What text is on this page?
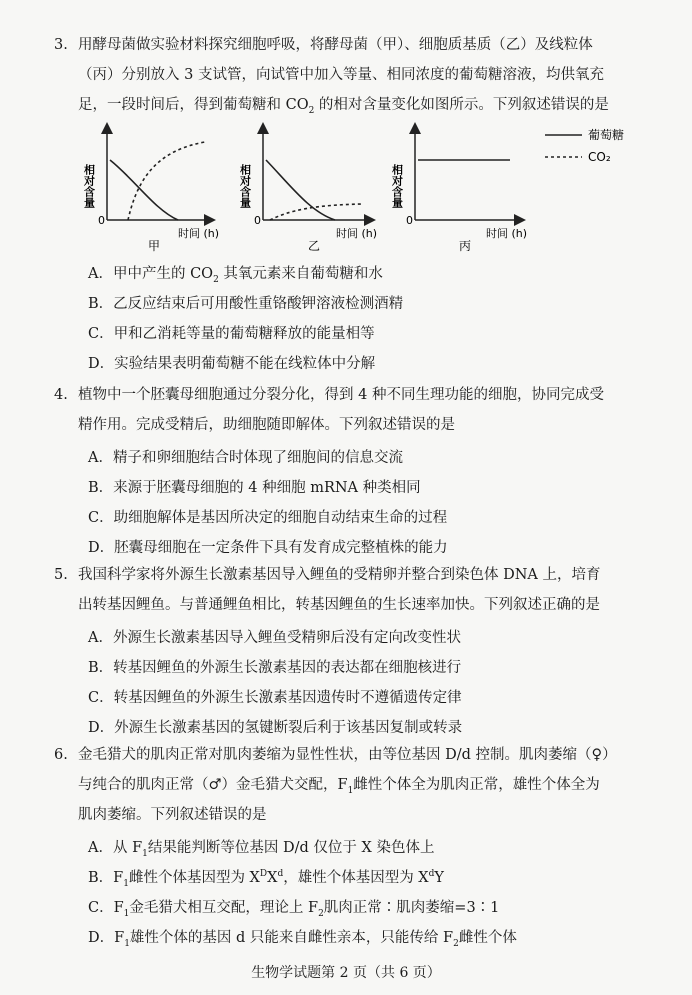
3. 用酵母菌做实验材料探究细胞呼吸，将酵母菌（甲）、细胞质基质（乙）及线粒体
（丙）分别放入 3 支试管，向试管中加入等量、相同浓度的葡萄糖溶液，均供氧充
足，一段时间后，得到葡萄糖和 $CO_2$ 的相对含量变化如图所示。下列叙述错误的是
相对含量
0
时间 (h)
甲
相对含量
0
时间 (h)
乙
相对含量
0
时间 (h)
丙
葡萄糖
CO₂
A．甲中产生的 $CO_2$ 其氧元素来自葡萄糖和水
B．乙反应结束后可用酸性重铬酸钾溶液检测酒精
C．甲和乙消耗等量的葡萄糖释放的能量相等
D．实验结果表明葡萄糖不能在线粒体中分解
4. 植物中一个胚囊母细胞通过分裂分化，得到 4 种不同生理功能的细胞，协同完成受
精作用。完成受精后，助细胞随即解体。下列叙述错误的是
A．精子和卵细胞结合时体现了细胞间的信息交流
B．来源于胚囊母细胞的 4 种细胞 mRNA 种类相同
C．助细胞解体是基因所决定的细胞自动结束生命的过程
D．胚囊母细胞在一定条件下具有发育成完整植株的能力
5. 我国科学家将外源生长激素基因导入鲤鱼的受精卵并整合到染色体 DNA 上，培育
出转基因鲤鱼。与普通鲤鱼相比，转基因鲤鱼的生长速率加快。下列叙述正确的是
A．外源生长激素基因导入鲤鱼受精卵后没有定向改变性状
B．转基因鲤鱼的外源生长激素基因的表达都在细胞核进行
C．转基因鲤鱼的外源生长激素基因遗传时不遵循遗传定律
D．外源生长激素基因的氢键断裂后利于该基因复制或转录
6. 金毛猎犬的肌肉正常对肌肉萎缩为显性性状，由等位基因 D/d 控制。肌肉萎缩（♀）
与纯合的肌肉正常（♂）金毛猎犬交配，$F_1$雌性个体全为肌肉正常，雄性个体全为
肌肉萎缩。下列叙述错误的是
A．从 $F_1$结果能判断等位基因 D/d 仅位于 X 染色体上
B．$F_1$雌性个体基因型为 $X^DX^d$，雄性个体基因型为 $X^dY$
C．$F_1$金毛猎犬相互交配，理论上 $F_2$肌肉正常∶肌肉萎缩=3∶1
D．$F_1$雄性个体的基因 d 只能来自雌性亲本，只能传给 $F_2$雌性个体
生物学试题第 2 页（共 6 页）
